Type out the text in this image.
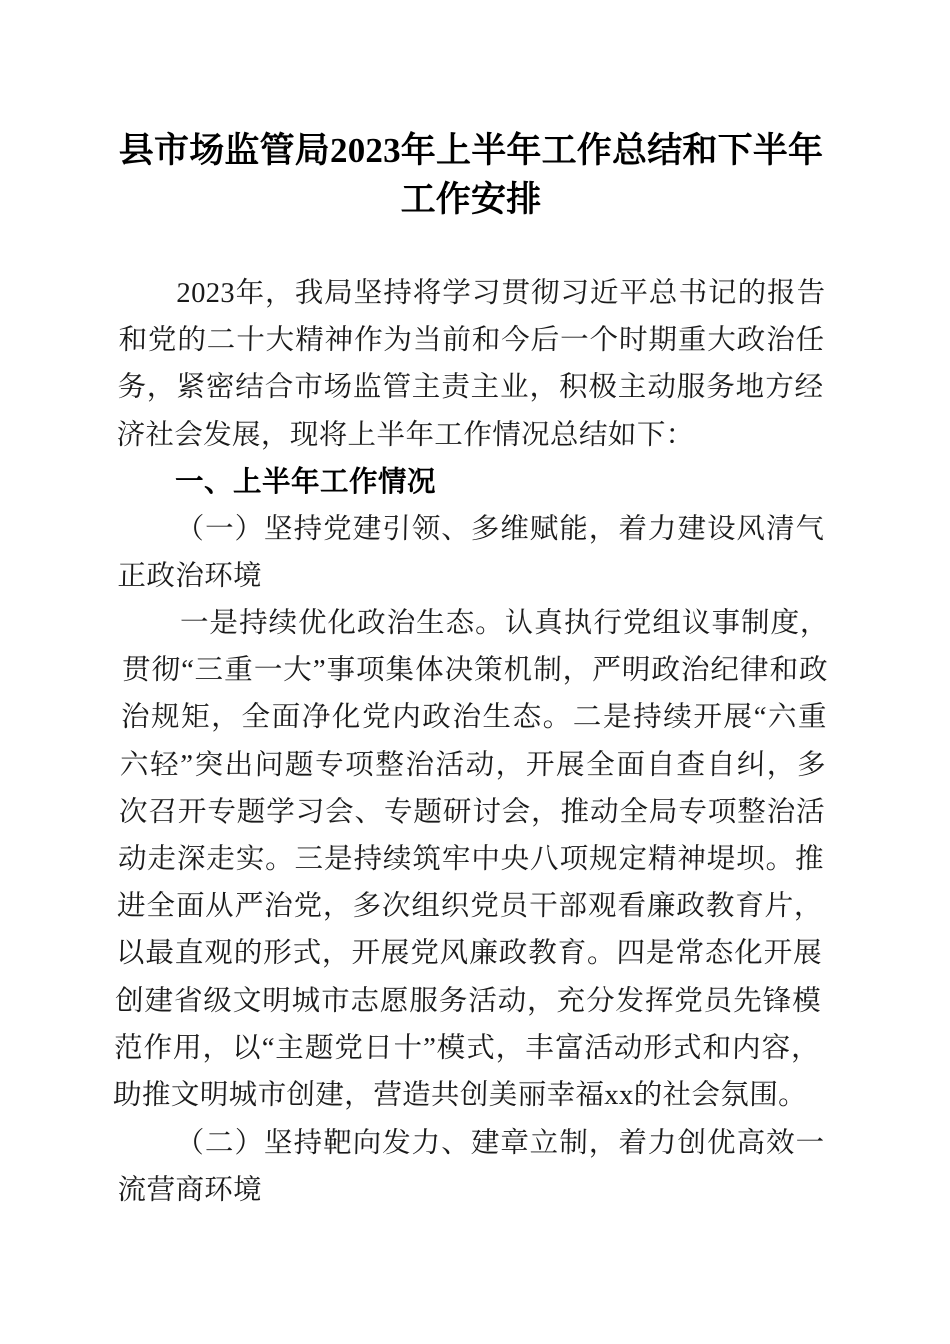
县市场监管局2023年上半年工作总结和下半年工作安排

2023年，我局坚持将学习贯彻习近平总书记的报告和党的二十大精神作为当前和今后一个时期重大政治任务，紧密结合市场监管主责主业，积极主动服务地方经济社会发展，现将上半年工作情况总结如下：

一、上半年工作情况

（一）坚持党建引领、多维赋能，着力建设风清气正政治环境

一是持续优化政治生态。认真执行党组议事制度，贯彻“三重一大”事项集体决策机制，严明政治纪律和政治规矩，全面净化党内政治生态。二是持续开展“六重六轻”突出问题专项整治活动，开展全面自查自纠，多次召开专题学习会、专题研讨会，推动全局专项整治活动走深走实。三是持续筑牢中央八项规定精神堤坝。推进全面从严治党，多次组织党员干部观看廉政教育片，以最直观的形式，开展党风廉政教育。四是常态化开展创建省级文明城市志愿服务活动，充分发挥党员先锋模范作用，以“主题党日十”模式，丰富活动形式和内容，助推文明城市创建，营造共创美丽幸福xx的社会氛围。

（二）坚持靶向发力、建章立制，着力创优高效一流营商环境
